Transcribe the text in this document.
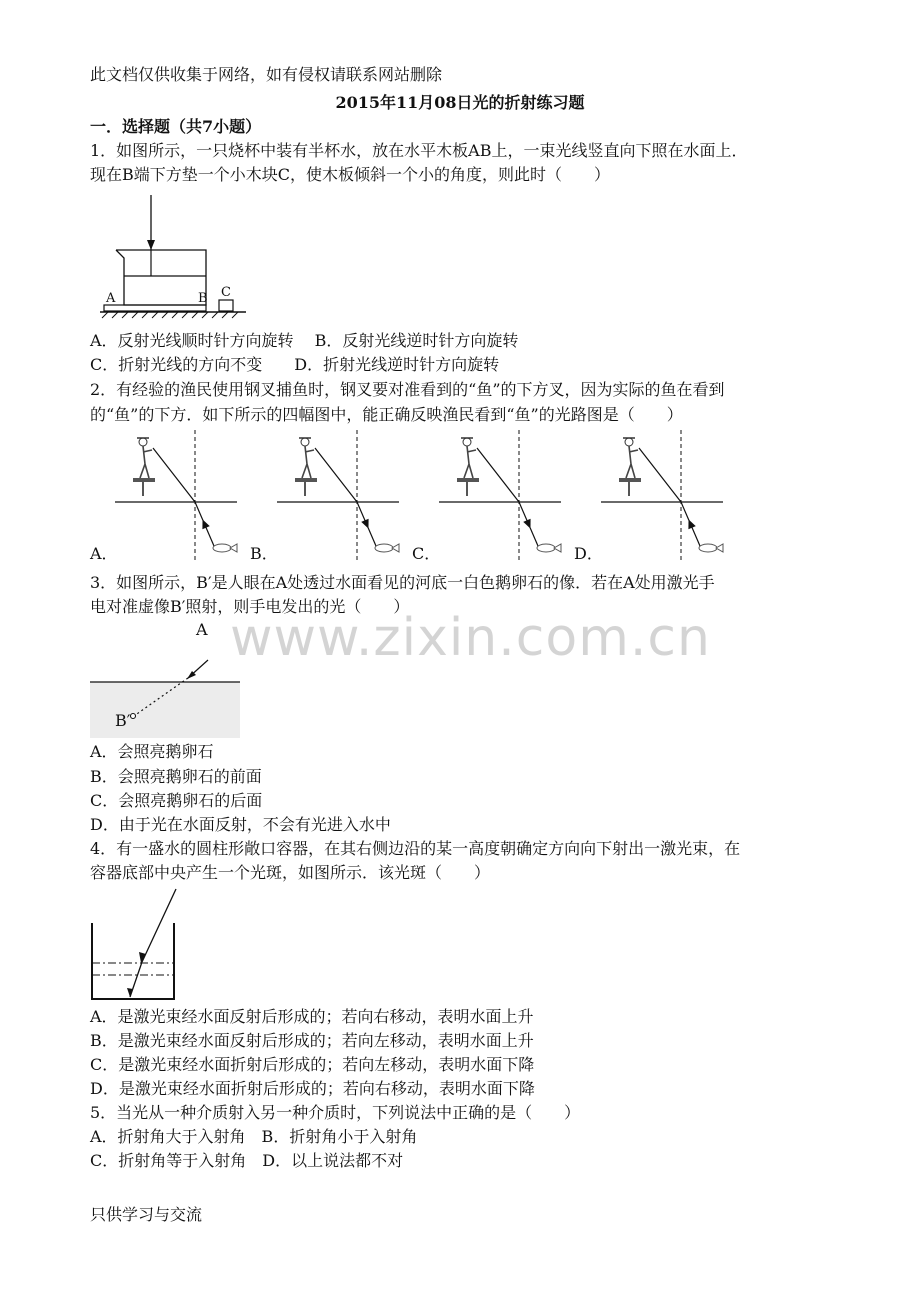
此文档仅供收集于网络，如有侵权请联系网站删除
2015年11月08日光的折射练习题
一．选择题（共7小题）
1．如图所示，一只烧杯中装有半杯水，放在水平木板AB上，一束光线竖直向下照在水面上．
现在B端下方垫一个小木块C，使木板倾斜一个小的角度，则此时（　　）
A	B C
A．反射光线顺时针方向旋转　 B．反射光线逆时针方向旋转
C．折射光线的方向不变　　D．折射光线逆时针方向旋转
2．有经验的渔民使用钢叉捕鱼时，钢叉要对准看到的“鱼”的下方叉，因为实际的鱼在看到
的“鱼”的下方．如下所示的四幅图中，能正确反映渔民看到“鱼”的光路图是（　　）
A．	B．	C．	D．
3．如图所示，B′是人眼在A处透过水面看见的河底一白色鹅卵石的像．若在A处用激光手
电对准虚像B′照射，则手电发出的光（　　）
www.zixin.com.cn
A
B′
A．会照亮鹅卵石
B．会照亮鹅卵石的前面
C．会照亮鹅卵石的后面
D．由于光在水面反射，不会有光进入水中
4．有一盛水的圆柱形敞口容器，在其右侧边沿的某一高度朝确定方向向下射出一激光束，在
容器底部中央产生一个光斑，如图所示．该光斑（　　）
A．是激光束经水面反射后形成的；若向右移动，表明水面上升
B．是激光束经水面反射后形成的；若向左移动，表明水面上升
C．是激光束经水面折射后形成的；若向左移动，表明水面下降
D．是激光束经水面折射后形成的；若向右移动，表明水面下降
5．当光从一种介质射入另一种介质时，下列说法中正确的是（　　）
A．折射角大于入射角　B．折射角小于入射角
C．折射角等于入射角　D．以上说法都不对
只供学习与交流
